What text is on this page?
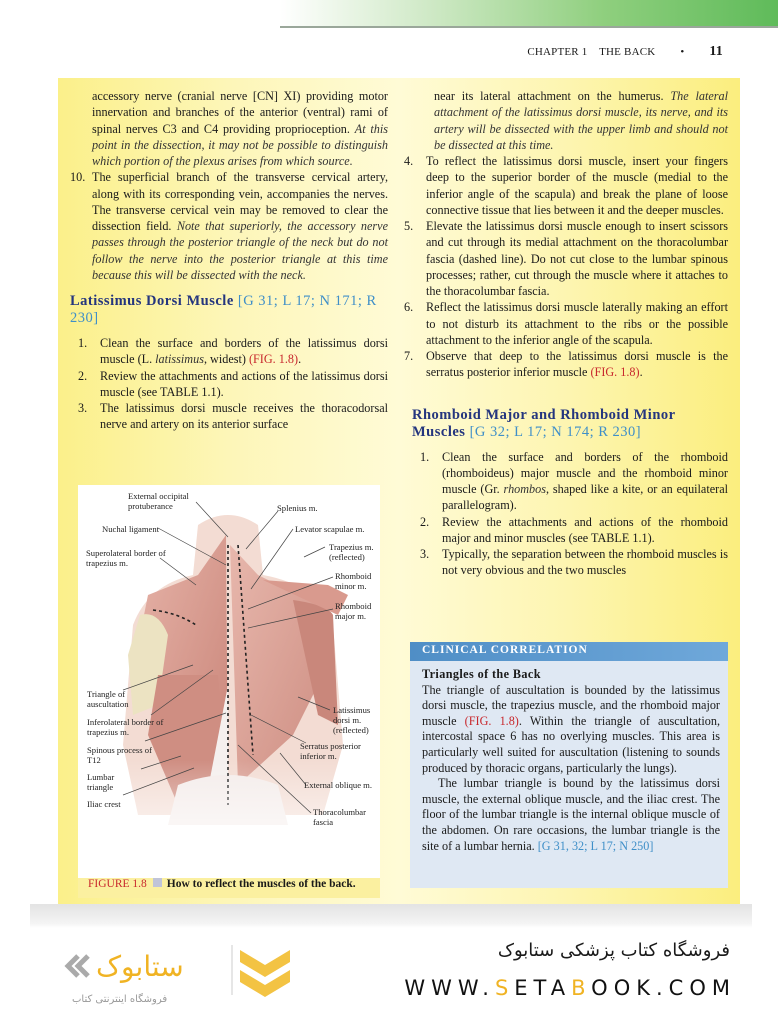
CHAPTER 1 THE BACK • 11

accessory nerve (cranial nerve [CN] XI) providing motor innervation and branches of the anterior (ventral) rami of spinal nerves C3 and C4 providing proprioception. At this point in the dissection, it may not be possible to distinguish which portion of the plexus arises from which source.

10. The superficial branch of the transverse cervical artery, along with its corresponding vein, accompanies the nerves. The transverse cervical vein may be removed to clear the dissection field. Note that superiorly, the accessory nerve passes through the posterior triangle of the neck but do not follow the nerve into the posterior triangle at this time because this will be dissected with the neck.
Latissimus Dorsi Muscle [G 31; L 17; N 171; R 230]
1. Clean the surface and borders of the latissimus dorsi muscle (L. latissimus, widest) (FIG. 1.8).
2. Review the attachments and actions of the latissimus dorsi muscle (see TABLE 1.1).
3. The latissimus dorsi muscle receives the thoracodorsal nerve and artery on its anterior surface

near its lateral attachment on the humerus. The lateral attachment of the latissimus dorsi muscle, its nerve, and its artery will be dissected with the upper limb and should not be dissected at this time.

4. To reflect the latissimus dorsi muscle, insert your fingers deep to the superior border of the muscle (medial to the inferior angle of the scapula) and break the plane of loose connective tissue that lies between it and the deeper muscles.
5. Elevate the latissimus dorsi muscle enough to insert scissors and cut through its medial attachment on the thoracolumbar fascia (dashed line). Do not cut close to the lumbar spinous processes; rather, cut through the muscle where it attaches to the thoracolumbar fascia.
6. Reflect the latissimus dorsi muscle laterally making an effort to not disturb its attachment to the ribs or the possible attachment to the inferior angle of the scapula.
7. Observe that deep to the latissimus dorsi muscle is the serratus posterior inferior muscle (FIG. 1.8).
Rhomboid Major and Rhomboid Minor Muscles [G 32; L 17; N 174; R 230]
1. Clean the surface and borders of the rhomboid (rhomboideus) major muscle and the rhomboid minor muscle (Gr. rhombos, shaped like a kite, or an equilateral parallelogram).
2. Review the attachments and actions of the rhomboid major and minor muscles (see TABLE 1.1).
3. Typically, the separation between the rhomboid muscles is not very obvious and the two muscles
External occipital protuberance	Splenius m.
Nuchal ligament	Levator scapulae m.
Superolateral border of trapezius m.
Trapezius m. (reflected)
Rhomboid minor m.
Rhomboid major m.
Triangle of auscultation
Inferolateral border of trapezius m.
Spinous process of T12
Lumbar triangle
Iliac crest
Latissimus dorsi m. (reflected)
Serratus posterior inferior m.
External oblique m.
Thoracolumbar fascia
FIGURE 1.8 How to reflect the muscles of the back.
CLINICAL CORRELATION
Triangles of the Back
The triangle of auscultation is bounded by the latissimus dorsi muscle, the trapezius muscle, and the rhomboid major muscle (FIG. 1.8). Within the triangle of auscultation, intercostal space 6 has no overlying muscles. This area is particularly well suited for auscultation (listening to sounds produced by thoracic organs, particularly the lungs).
The lumbar triangle is bound by the latissimus dorsi muscle, the external oblique muscle, and the iliac crest. The floor of the lumbar triangle is the internal oblique muscle of the abdomen. On rare occasions, the lumbar triangle is the site of a lumbar hernia. [G 31, 32; L 17; N 250]
ستابوک
فروشگاه اینترنتی کتاب
فروشگاه کتاب پزشکی ستابوک
WWW.SETABOOK.COM
